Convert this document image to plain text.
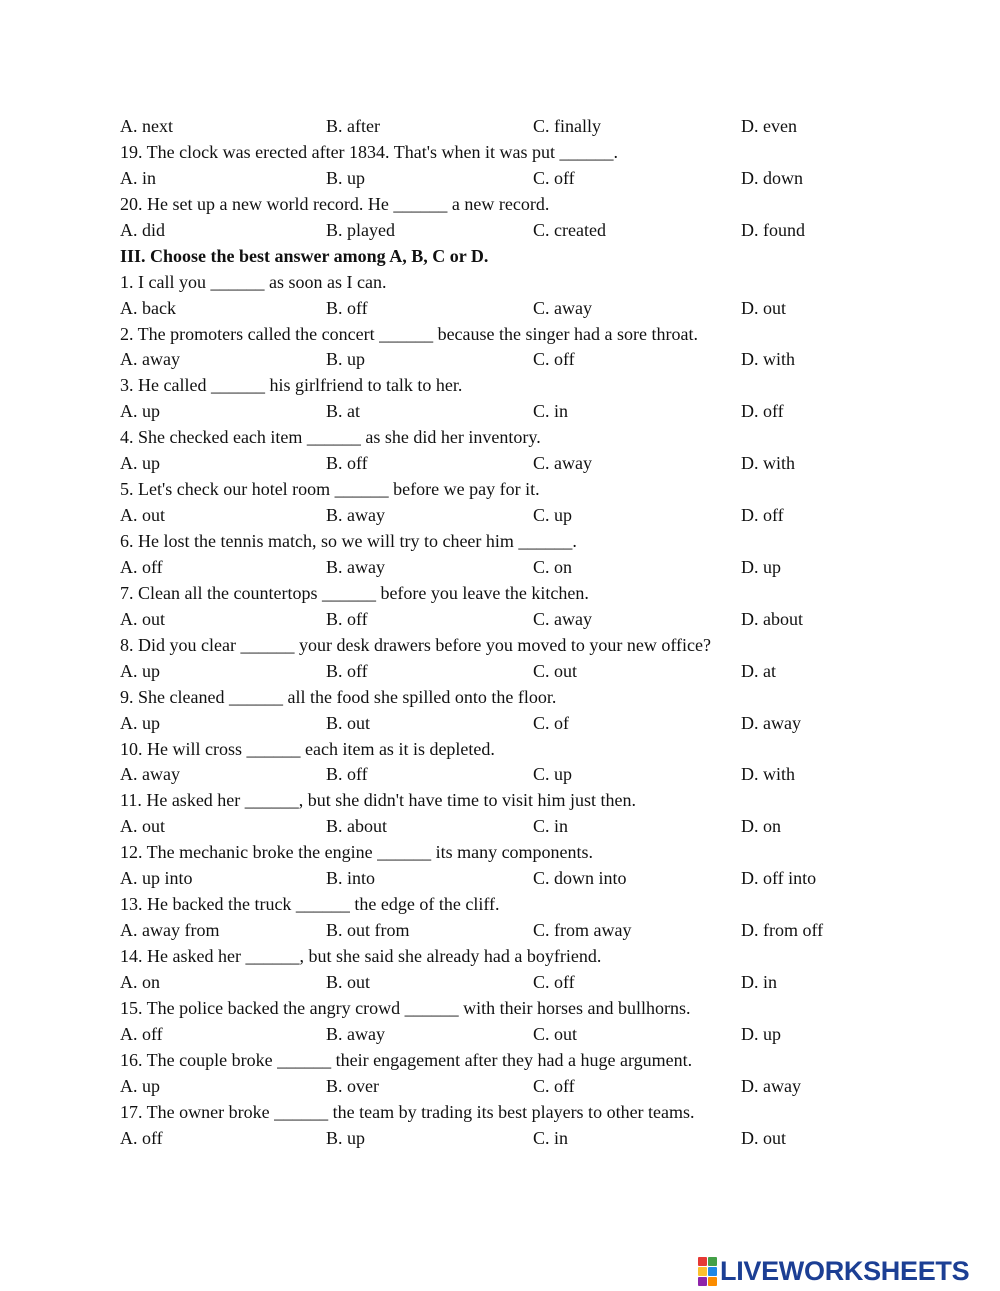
A. next	B. after	C. finally	D. even
19. The clock was erected after 1834. That's when it was put ______.
A. in	B. up	C. off	D. down
20. He set up a new world record. He ______ a new record.
A. did	B. played	C. created	D. found
III. Choose the best answer among A, B, C or D.
1. I call you ______ as soon as I can.
A. back	B. off	C. away	D. out
2. The promoters called the concert ______ because the singer had a sore throat.
A. away	B. up	C. off	D. with
3. He called ______ his girlfriend to talk to her.
A. up	B. at	C. in	D. off
4. She checked each item ______ as she did her inventory.
A. up	B. off	C. away	D. with
5. Let's check our hotel room ______ before we pay for it.
A. out	B. away	C. up	D. off
6. He lost the tennis match, so we will try to cheer him ______.
A. off	B. away	C. on	D. up
7. Clean all the countertops ______ before you leave the kitchen.
A. out	B. off	C. away	D. about
8. Did you clear ______ your desk drawers before you moved to your new office?
A. up	B. off	C. out	D. at
9. She cleaned ______ all the food she spilled onto the floor.
A. up	B. out	C. of	D. away
10. He will cross ______ each item as it is depleted.
A. away	B. off	C. up	D. with
11. He asked her ______, but she didn't have time to visit him just then.
A. out	B. about	C. in	D. on
12. The mechanic broke the engine ______ its many components.
A. up into	B. into	C. down into	D. off into
13. He backed the truck ______ the edge of the cliff.
A. away from	B. out from	C. from away	D. from off
14. He asked her ______, but she said she already had a boyfriend.
A. on	B. out	C. off	D. in
15. The police backed the angry crowd ______ with their horses and bullhorns.
A. off	B. away	C. out	D. up
16. The couple broke ______ their engagement after they had a huge argument.
A. up	B. over	C. off	D. away
17. The owner broke ______ the team by trading its best players to other teams.
A. off	B. up	C. in	D. out
LIVEWORKSHEETS
